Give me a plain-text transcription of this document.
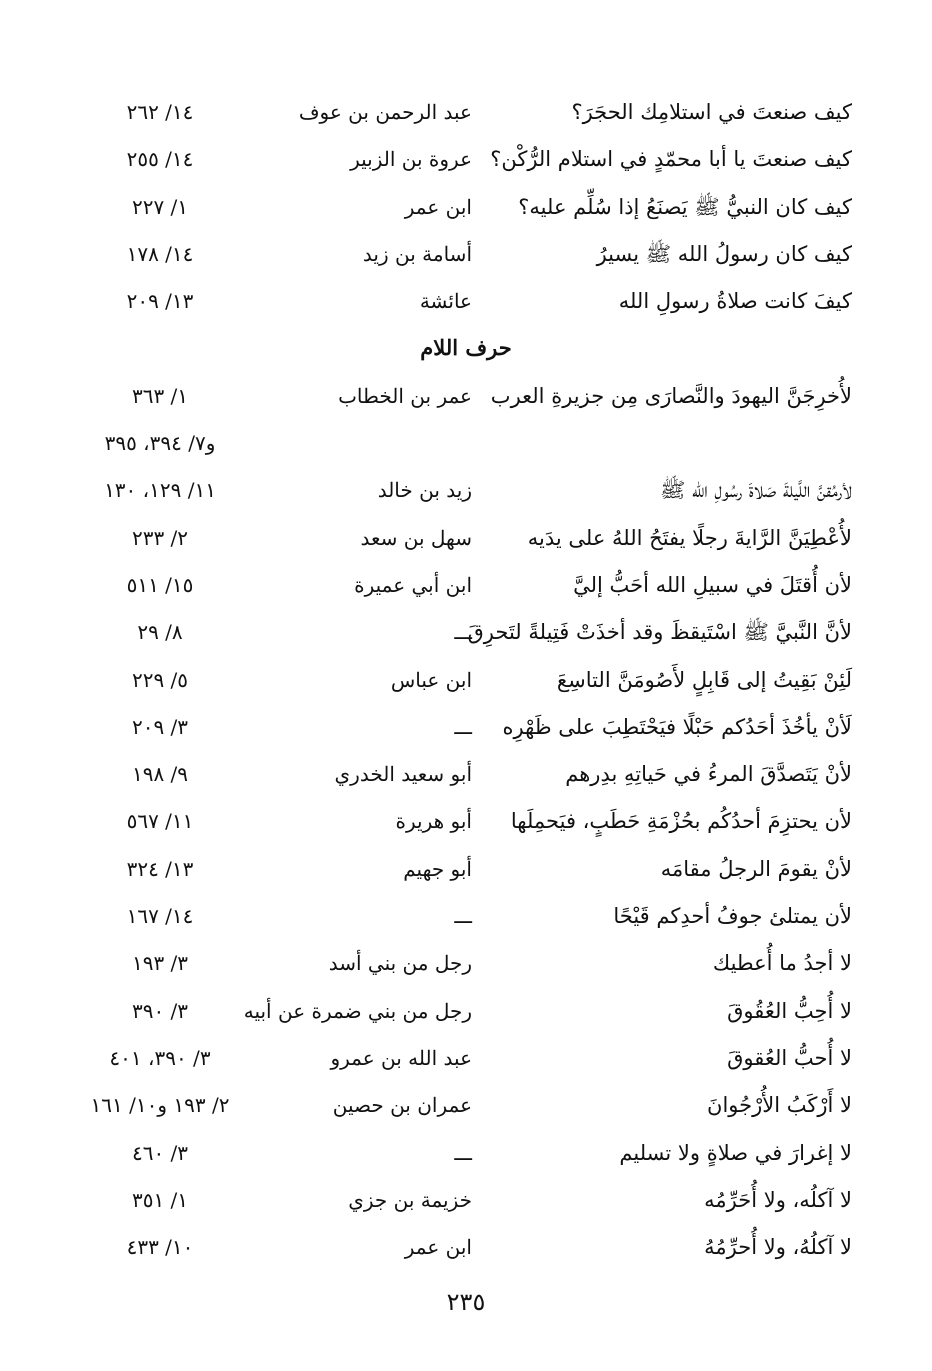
كيف صنعتَ في استلامِك الحجَرَ؟
عبد الرحمن بن عوف
١٤/ ٢٦٢
كيف صنعتَ يا أبا محمّدٍ في استلام الرُّكْن؟
عروة بن الزبير
١٤/ ٢٥٥
كيف كان النبيُّ ﷺ يَصنَعُ إذا سُلِّم عليه؟
ابن عمر
١/ ٢٢٧
كيف كان رسولُ الله ﷺ يسيرُ
أسامة بن زيد
١٤/ ١٧٨
كيفَ كانت صلاةُ رسولِ الله
عائشة
١٣/ ٢٠٩
حرف اللام
لأُخرِجَنَّ اليهودَ والنَّصارَى مِن جزيرةِ العرب
عمر بن الخطاب
١/ ٣٦٣
و٧/ ٣٩٤، ٣٩٥
لأرمُقنَّ اللَّيلةَ صَلاةَ رسُولِ الله ﷺ
زيد بن خالد
١١/ ١٢٩، ١٣٠
لأُعْطِيَنَّ الرَّايةَ رجلًا يفتَحُ اللهُ على يدَيه
سهل بن سعد
٢/ ٢٣٣
لأن أُقتَلَ في سبيلِ الله أحَبُّ إليَّ
ابن أبي عميرة
١٥/ ٥١١
لأنَّ النَّبيَّ ﷺ اسْتَيقظَ وقد أخذَتْ فَتِيلةً لتَحرِقَ
ـــ
٨/ ٢٩
لَئِنْ بَقِيتُ إلى قَابِلٍ لأَصُومَنَّ التاسِعَ
ابن عباس
٥/ ٢٢٩
لَأنْ يأخُذَ أحَدُكم حَبْلًا فيَحْتَطِبَ على ظَهْرِه
ـــ
٣/ ٢٠٩
لأنْ يَتَصدَّقَ المرءُ في حَياتِهِ بدِرهم
أبو سعيد الخدري
٩/ ١٩٨
لأن يحتزِمَ أحدُكُم بحُزْمَةِ حَطَبٍ، فيَحمِلَها
أبو هريرة
١١/ ٥٦٧
لأنْ يقومَ الرجلُ مقامَه
أبو جهيم
١٣/ ٣٢٤
لأن يمتلئ جوفُ أحدِكم قَيْحًا
ـــ
١٤/ ١٦٧
لا أجدُ ما أُعطيك
رجل من بني أسد
٣/ ١٩٣
لا أُحِبُّ العُقُوقَ
رجل من بني ضمرة عن أبيه
٣/ ٣٩٠
لا أُحبُّ العُقوقَ
عبد الله بن عمرو
٣/ ٣٩٠، ٤٠١
لا أَرْكَبُ الأُرْجُوانَ
عمران بن حصين
٢/ ١٩٣ و١٠/ ١٦١
لا إغرارَ في صلاةٍ ولا تسليم
ـــ
٣/ ٤٦٠
لا آكلُه، ولا أُحَرِّمُه
خزيمة بن جزي
١/ ٣٥١
لا آكلُهُ، ولا أُحرِّمُهُ
ابن عمر
١٠/ ٤٣٣
٢٣٥
